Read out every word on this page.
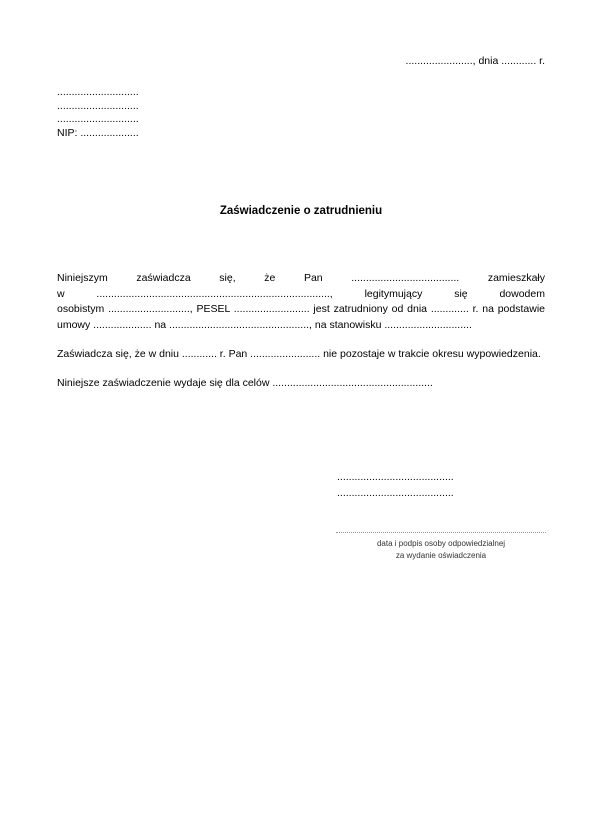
......................., dnia ............ r.
............................
............................
............................
NIP: ....................
Zaświadczenie o zatrudnieniu
Niniejszym zaświadcza się, że Pan ..................................... zamieszkały
w ................................................................................, legitymujący się dowodem
osobistym ............................, PESEL .......................... jest zatrudniony od dnia ............. r. na podstawie
umowy .................... na ................................................, na stanowisku ..............................
Zaświadcza się, że w dniu ............ r. Pan ........................ nie pozostaje w trakcie okresu wypowiedzenia.
Niniejsze zaświadczenie wydaje się dla celów .......................................................
........................................
........................................
data i podpis osoby odpowiedzialnej
za wydanie oświadczenia
